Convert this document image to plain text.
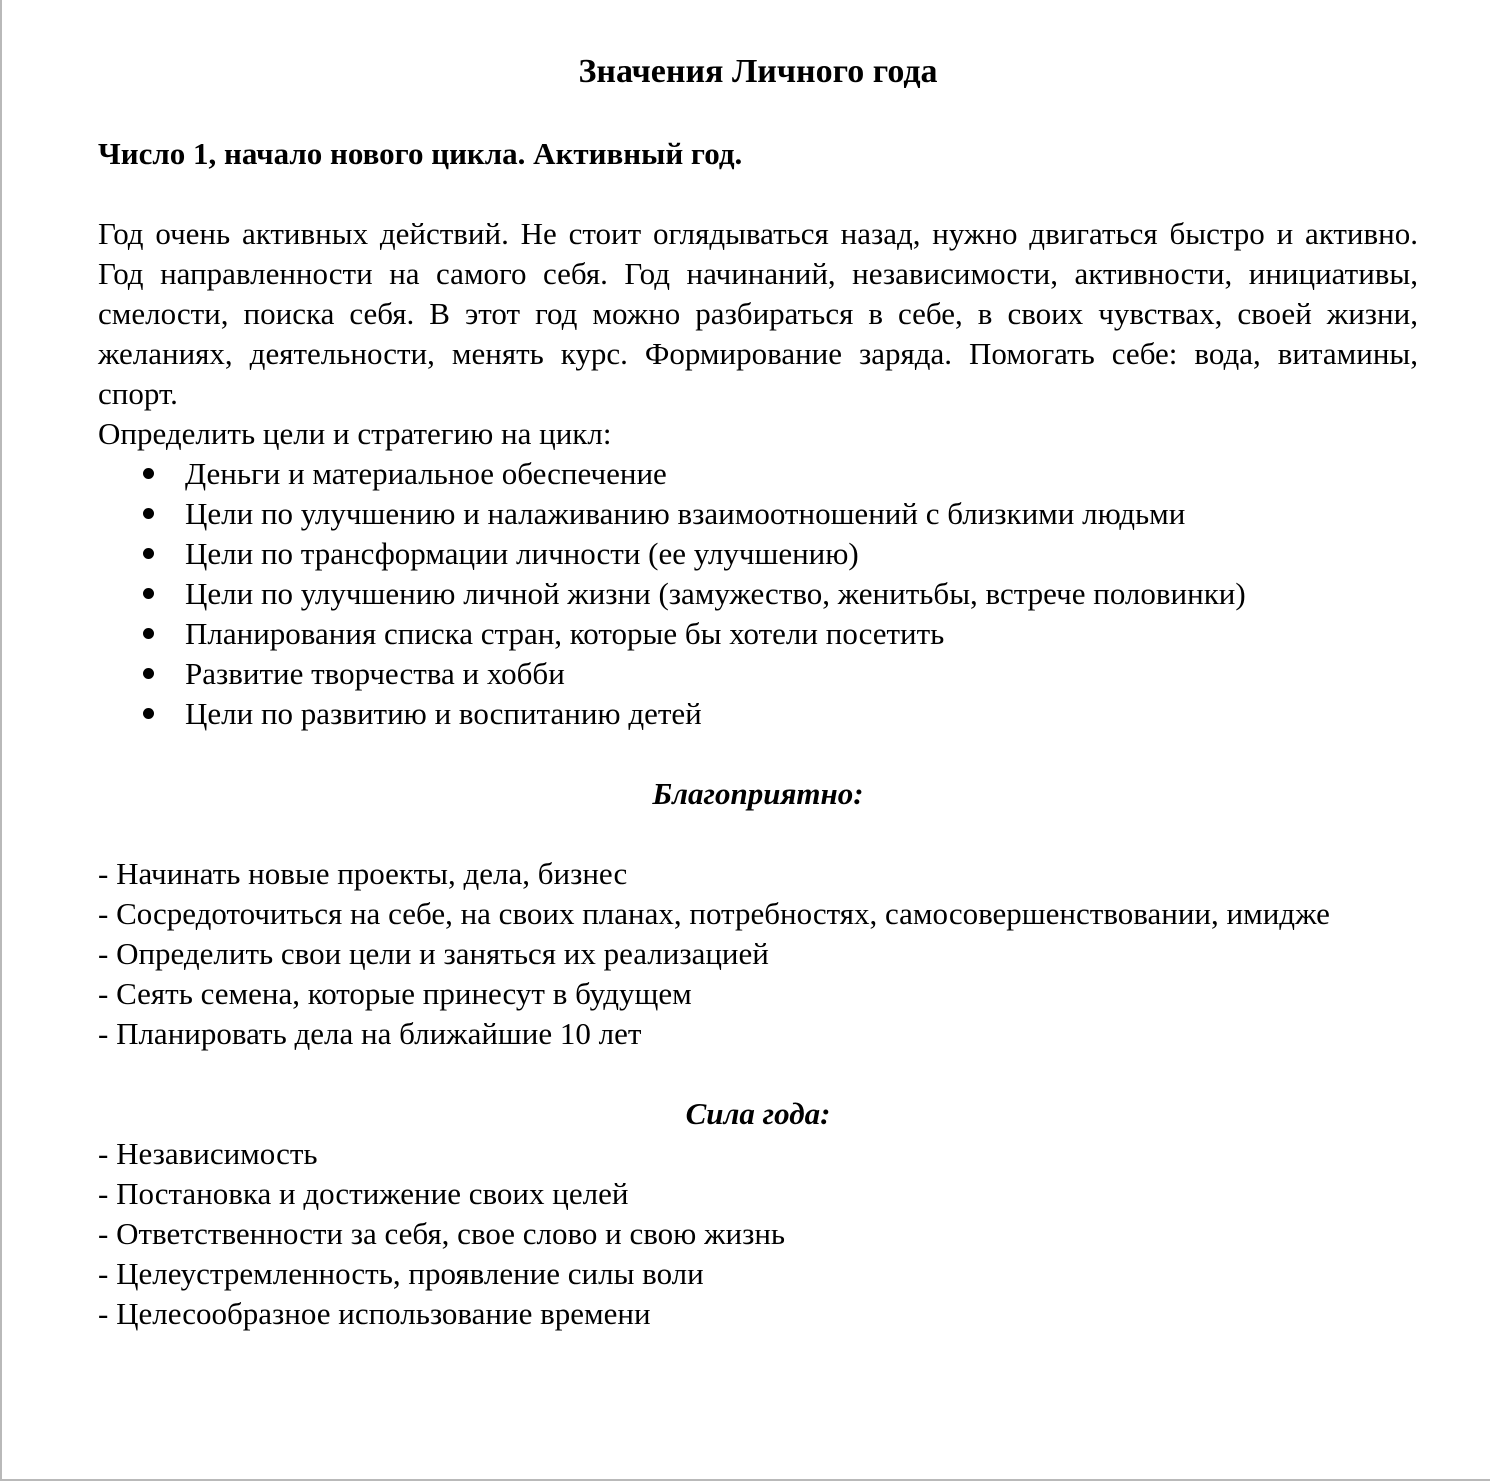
Значения Личного года

Число 1, начало нового цикла. Активный год.

Год очень активных действий. Не стоит оглядываться назад, нужно двигаться быстро и активно. Год направленности на самого себя. Год начинаний, независимости, активности, инициативы, смелости, поиска себя. В этот год можно разбираться в себе, в своих чувствах, своей жизни, желаниях, деятельности, менять курс. Формирование заряда. Помогать себе: вода, витамины, спорт.

Определить цели и стратегию на цикл:

Деньги и материальное обеспечение
Цели по улучшению и налаживанию взаимоотношений с близкими людьми
Цели по трансформации личности (ее улучшению)
Цели по улучшению личной жизни (замужество, женитьбы, встрече половинки)
Планирования списка стран, которые бы хотели посетить
Развитие творчества и хобби
Цели по развитию и воспитанию детей

Благоприятно:

- Начинать новые проекты, дела, бизнес

- Сосредоточиться на себе, на своих планах, потребностях, самосовершенствовании, имидже

- Определить свои цели и заняться их реализацией

- Сеять семена, которые принесут в будущем

- Планировать дела на ближайшие 10 лет

Сила года:

- Независимость

- Постановка и достижение своих целей

- Ответственности за себя, свое слово и свою жизнь

- Целеустремленность, проявление силы воли

- Целесообразное использование времени
